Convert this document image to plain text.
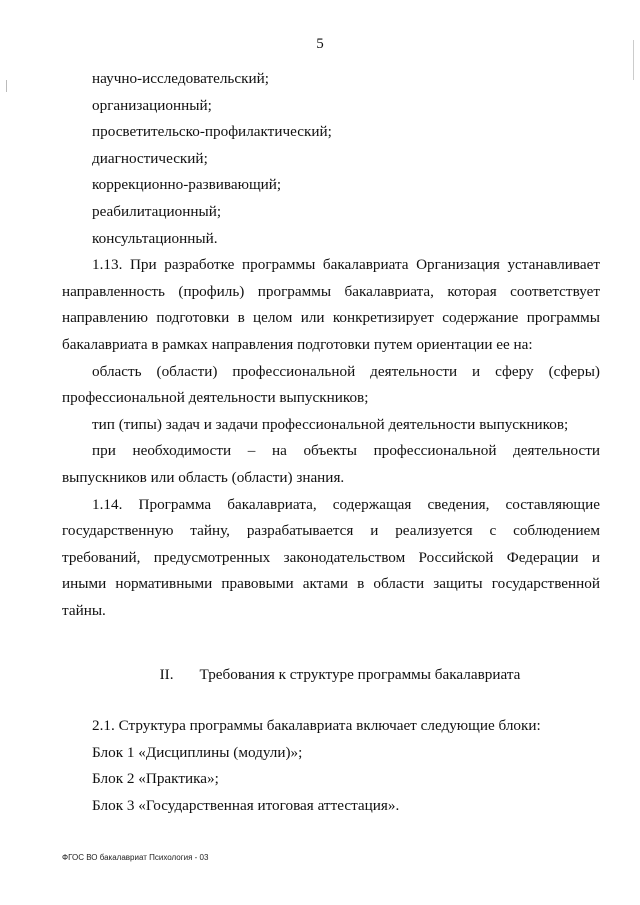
5

научно-исследовательский;

организационный;

просветительско-профилактический;

диагностический;

коррекционно-развивающий;

реабилитационный;

консультационный.

1.13. При разработке программы бакалавриата Организация устанавливает направленность (профиль) программы бакалавриата, которая соответствует направлению подготовки в целом или конкретизирует содержание программы бакалавриата в рамках направления подготовки путем ориентации ее на:

область (области) профессиональной деятельности и сферу (сферы) профессиональной деятельности выпускников;

тип (типы) задач и задачи профессиональной деятельности выпускников;

при необходимости – на объекты профессиональной деятельности выпускников или область (области) знания.

1.14. Программа бакалавриата, содержащая сведения, составляющие государственную тайну, разрабатывается и реализуется с соблюдением требований, предусмотренных законодательством Российской Федерации и иными нормативными правовыми актами в области защиты государственной тайны.

II. Требования к структуре программы бакалавриата

2.1. Структура программы бакалавриата включает следующие блоки:

Блок 1 «Дисциплины (модули)»;

Блок 2 «Практика»;

Блок 3 «Государственная итоговая аттестация».

ФГОС ВО бакалавриат Психология - 03
